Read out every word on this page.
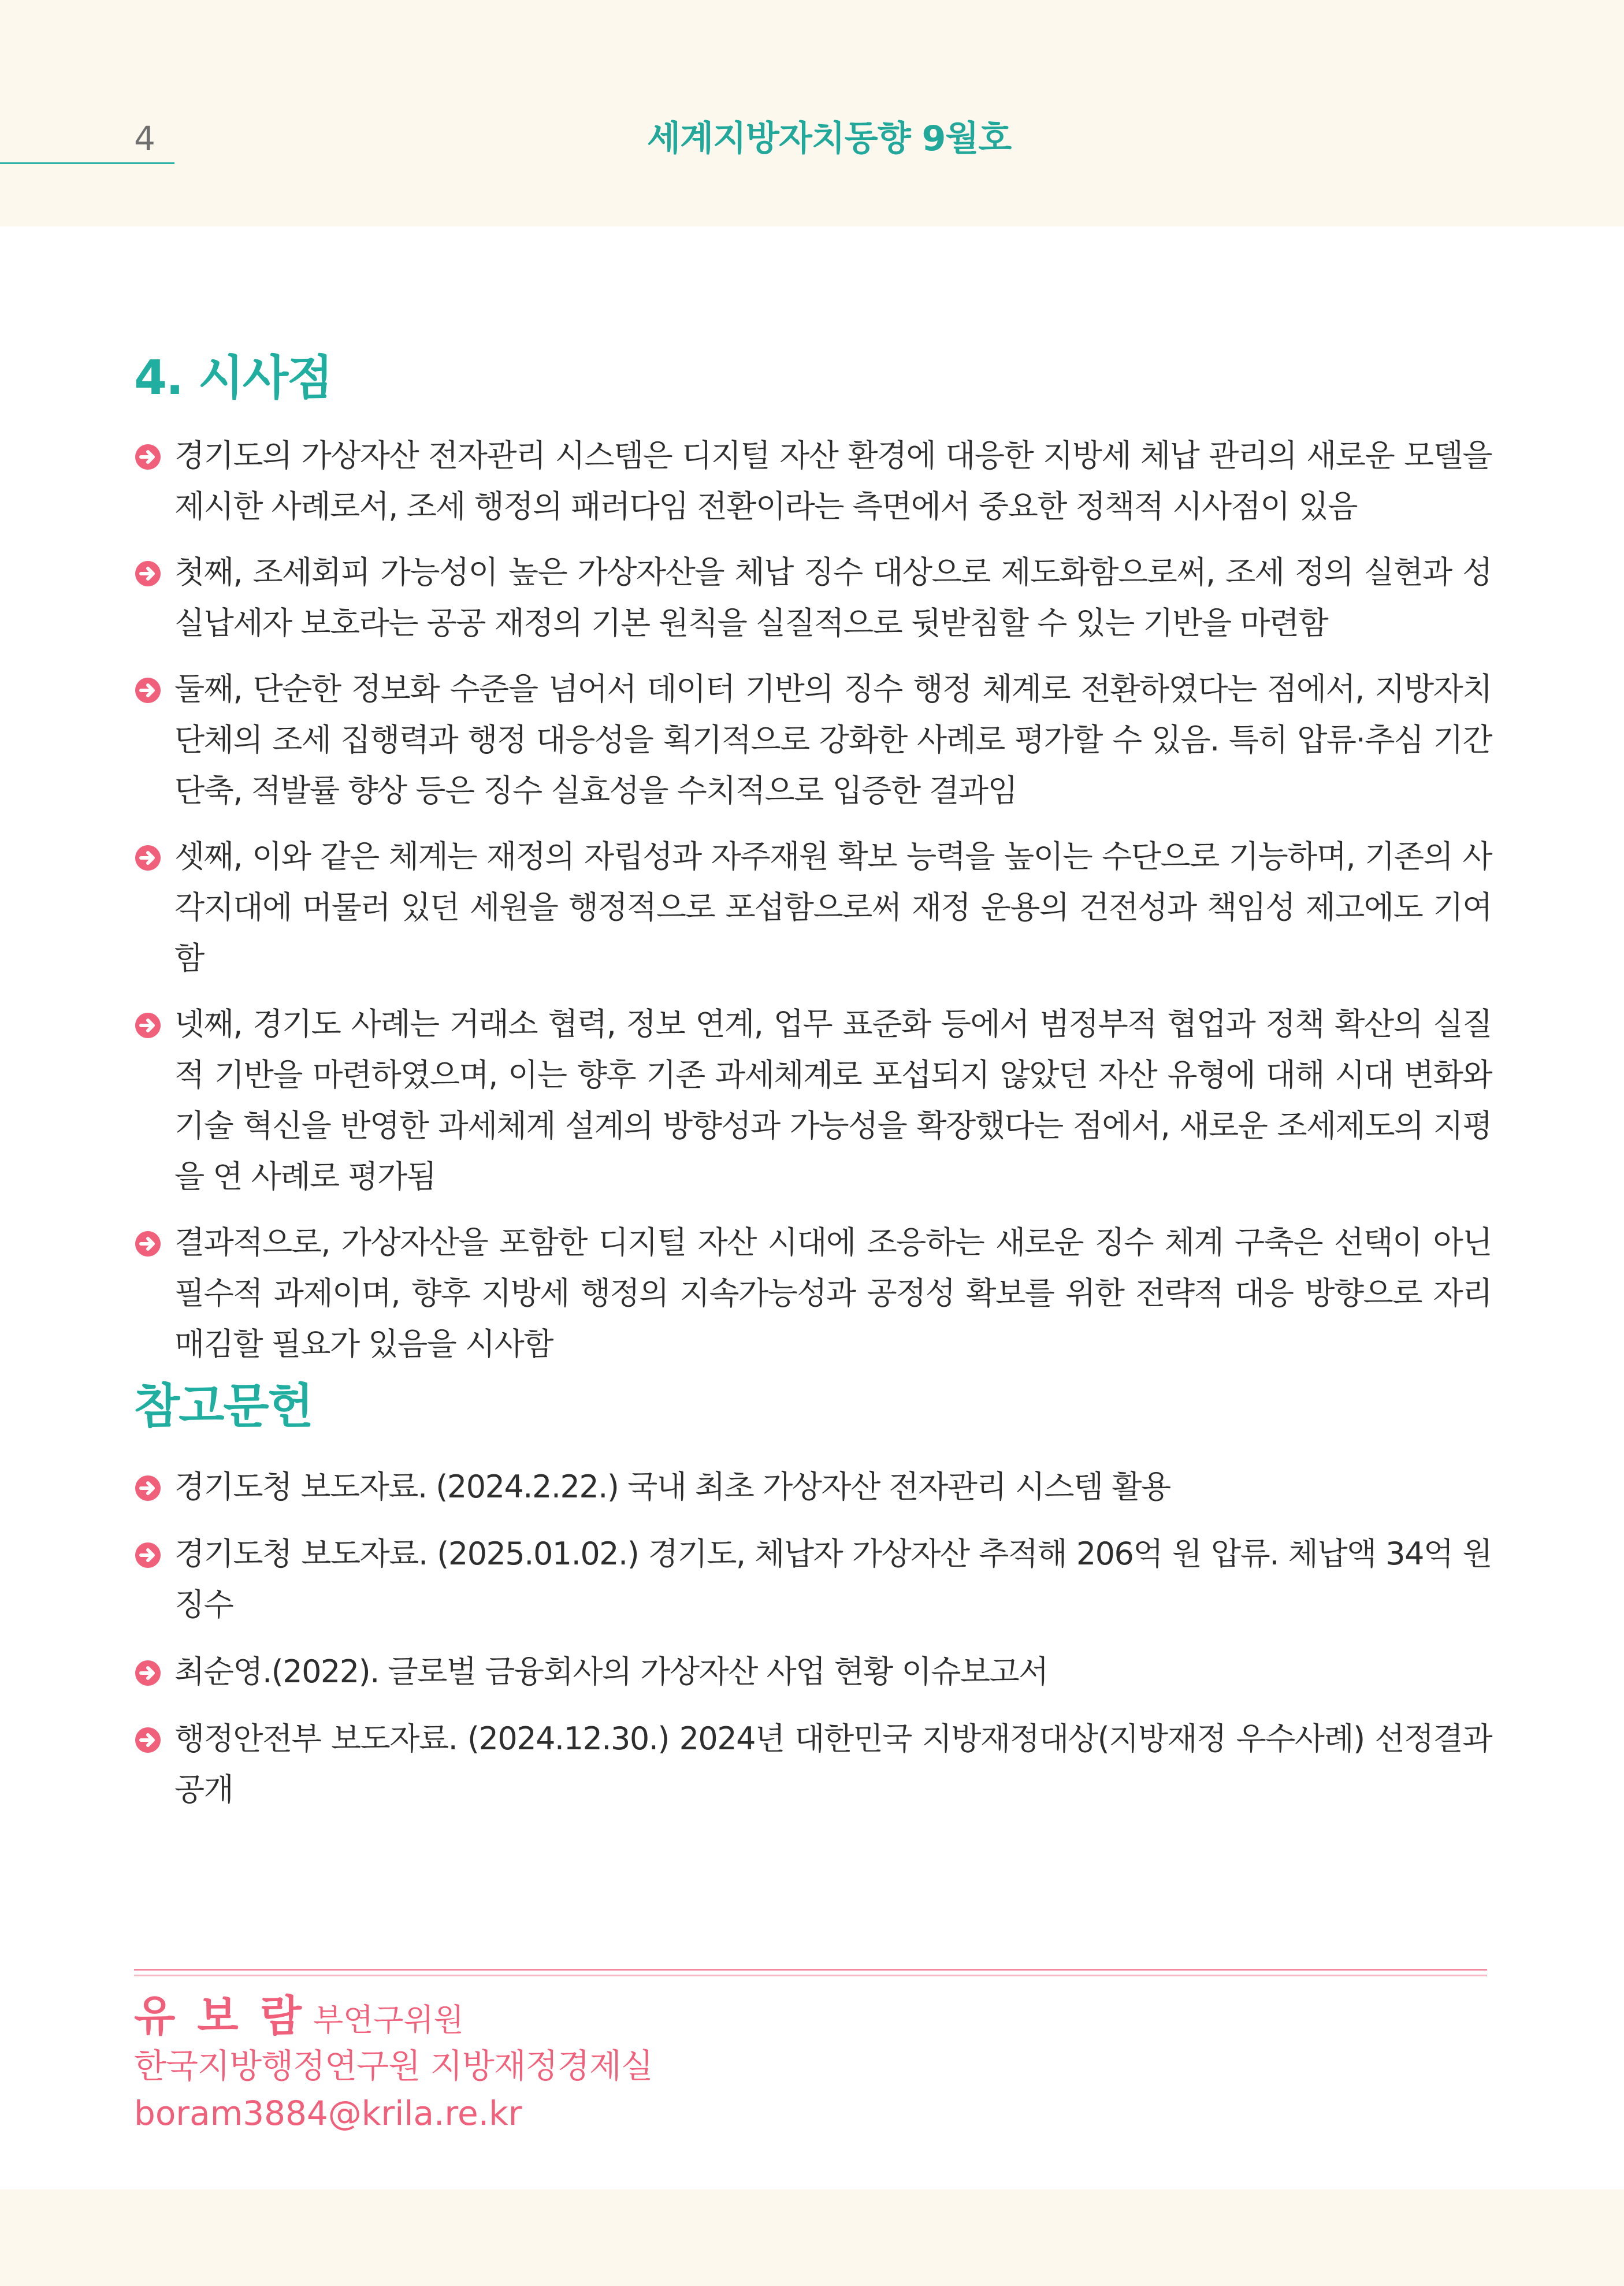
4	세계지방자치동향 9월호
4. 시사점
경기도의 가상자산 전자관리 시스템은 디지털 자산 환경에 대응한 지방세 체납 관리의 새로운 모델을 제시한 사례로서, 조세 행정의 패러다임 전환이라는 측면에서 중요한 정책적 시사점이 있음
첫째, 조세회피 가능성이 높은 가상자산을 체납 징수 대상으로 제도화함으로써, 조세 정의 실현과 성실납세자 보호라는 공공 재정의 기본 원칙을 실질적으로 뒷받침할 수 있는 기반을 마련함
둘째, 단순한 정보화 수준을 넘어서 데이터 기반의 징수 행정 체계로 전환하였다는 점에서, 지방자치단체의 조세 집행력과 행정 대응성을 획기적으로 강화한 사례로 평가할 수 있음. 특히 압류·추심 기간 단축, 적발률 향상 등은 징수 실효성을 수치적으로 입증한 결과임
셋째, 이와 같은 체계는 재정의 자립성과 자주재원 확보 능력을 높이는 수단으로 기능하며, 기존의 사각지대에 머물러 있던 세원을 행정적으로 포섭함으로써 재정 운용의 건전성과 책임성 제고에도 기여함
넷째, 경기도 사례는 거래소 협력, 정보 연계, 업무 표준화 등에서 범정부적 협업과 정책 확산의 실질적 기반을 마련하였으며, 이는 향후 기존 과세체계로 포섭되지 않았던 자산 유형에 대해 시대 변화와 기술 혁신을 반영한 과세체계 설계의 방향성과 가능성을 확장했다는 점에서, 새로운 조세제도의 지평을 연 사례로 평가됨
결과적으로, 가상자산을 포함한 디지털 자산 시대에 조응하는 새로운 징수 체계 구축은 선택이 아닌 필수적 과제이며, 향후 지방세 행정의 지속가능성과 공정성 확보를 위한 전략적 대응 방향으로 자리매김할 필요가 있음을 시사함
참고문헌
경기도청 보도자료. (2024.2.22.) 국내 최초 가상자산 전자관리 시스템 활용
경기도청 보도자료. (2025.01.02.) 경기도, 체납자 가상자산 추적해 206억 원 압류. 체납액 34억 원 징수
최순영.(2022). 글로벌 금융회사의 가상자산 사업 현황 이슈보고서
행정안전부 보도자료. (2024.12.30.) 2024년 대한민국 지방재정대상(지방재정 우수사례) 선정결과 공개
유 보 람 부연구위원
한국지방행정연구원 지방재정경제실
boram3884@krila.re.kr
